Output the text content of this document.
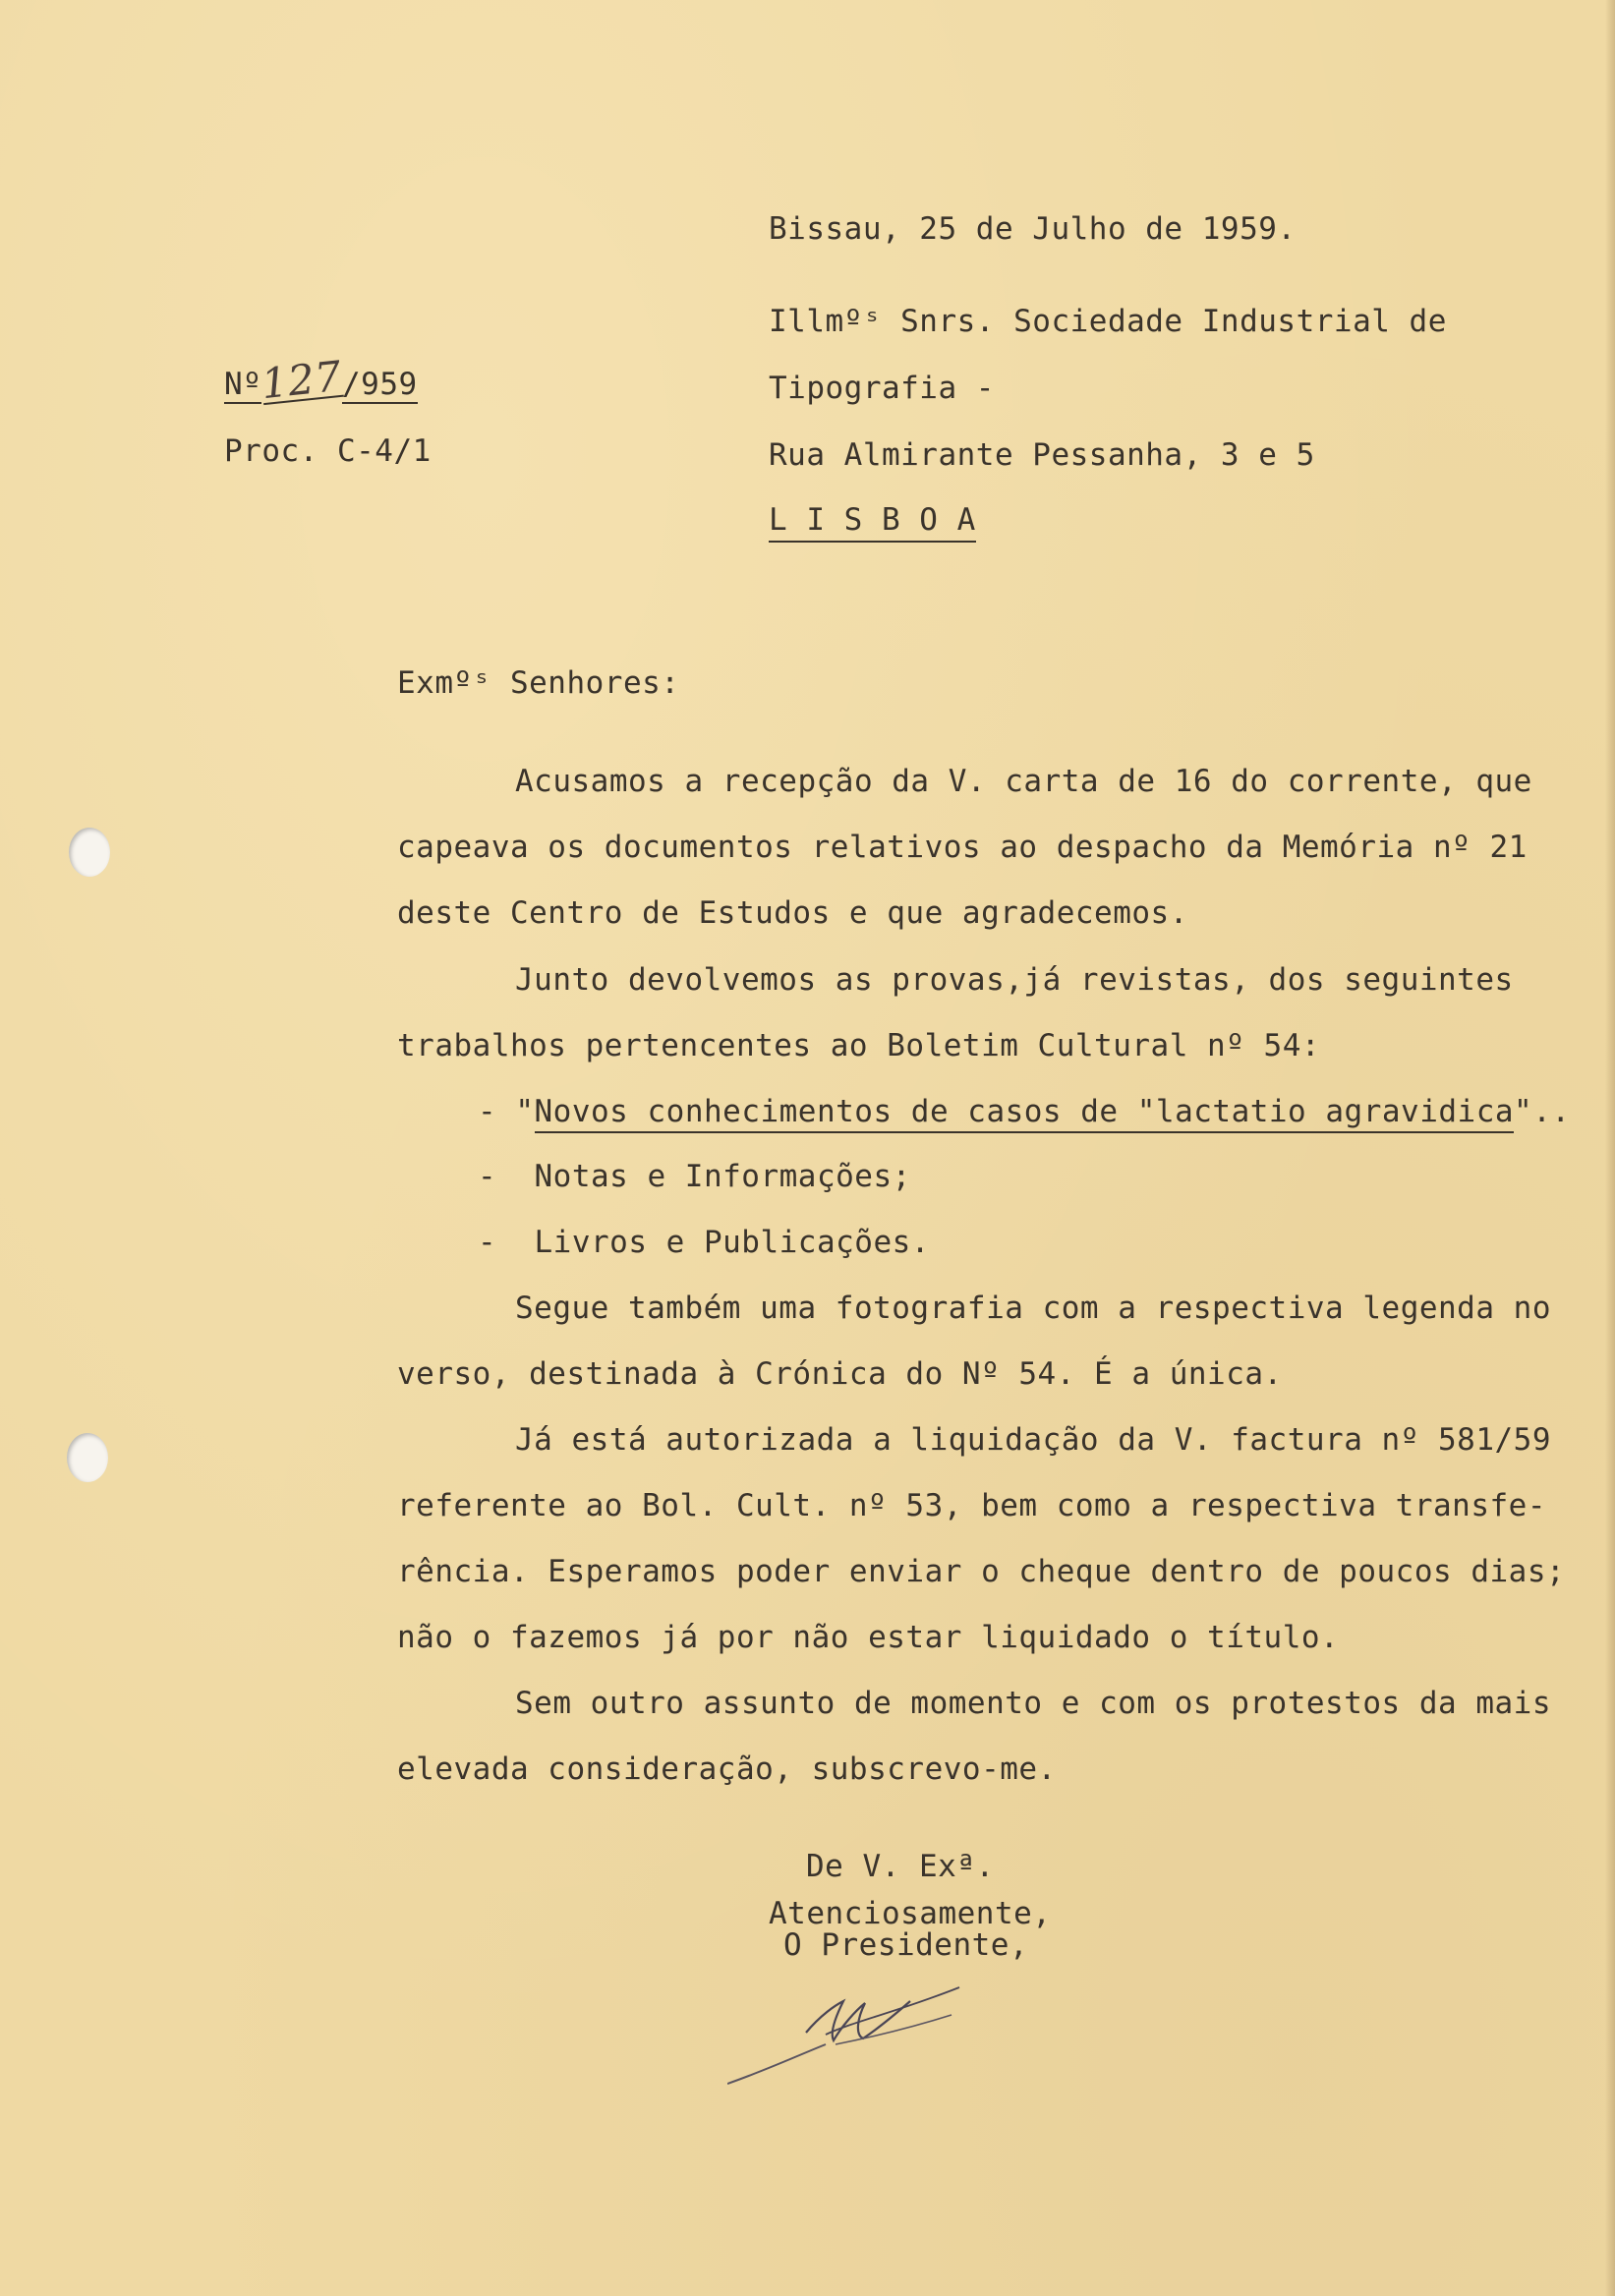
Bissau, 25 de Julho de 1959.
Nº127/959
Proc. C-4/1
Illmºˢ Snrs. Sociedade Industrial de
Tipografia -
Rua Almirante Pessanha, 3 e 5
L I S B O A
Exmºˢ Senhores:
Acusamos a recepção da V. carta de 16 do corrente, que
capeava os documentos relativos ao despacho da Memória nº 21
deste Centro de Estudos e que agradecemos.
Junto devolvemos as provas,já revistas, dos seguintes
trabalhos pertencentes ao Boletim Cultural nº 54:
- "Novos conhecimentos de casos de "lactatio agravidica"..
- Notas e Informações;
- Livros e Publicações.
Segue também uma fotografia com a respectiva legenda no
verso, destinada à Crónica do Nº 54. É a única.
Já está autorizada a liquidação da V. factura nº 581/59
referente ao Bol. Cult. nº 53, bem como a respectiva transfe-
rência. Esperamos poder enviar o cheque dentro de poucos dias;
não o fazemos já por não estar liquidado o título.
Sem outro assunto de momento e com os protestos da mais
elevada consideração, subscrevo-me.
De V. Exª.
Atenciosamente,
O Presidente,
